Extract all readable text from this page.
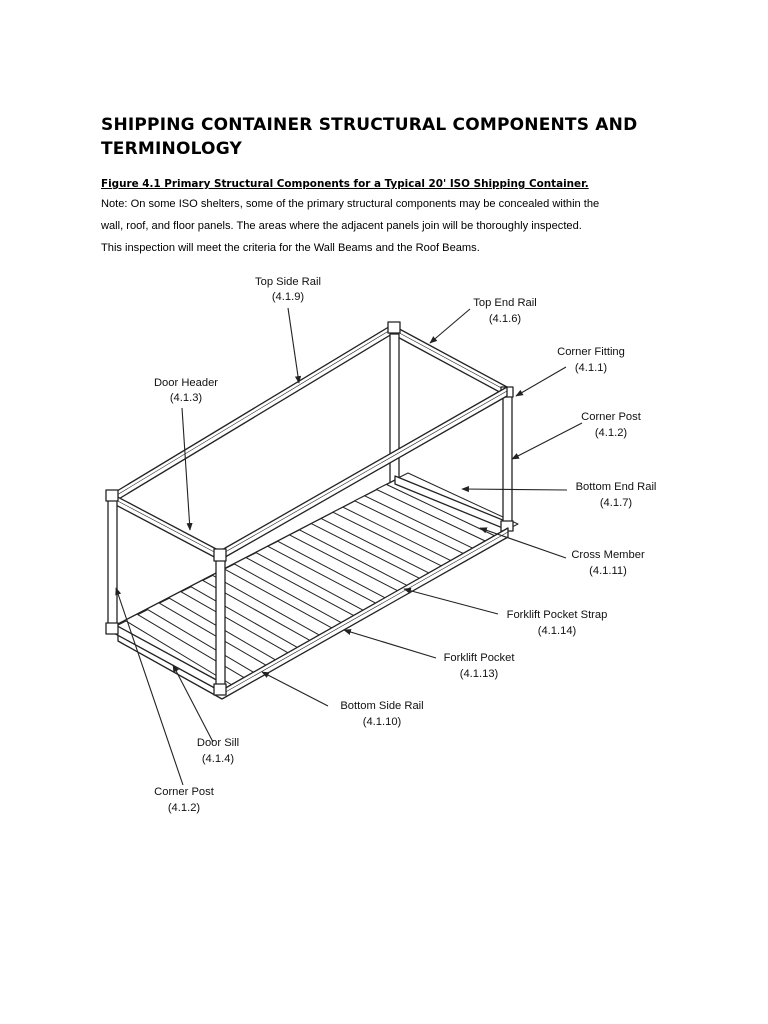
SHIPPING CONTAINER STRUCTURAL COMPONENTS AND
TERMINOLOGY
Figure 4.1 Primary Structural Components for a Typical 20' ISO Shipping Container.
Note: On some ISO shelters, some of the primary structural components may be concealed within the
wall, roof, and floor panels. The areas where the adjacent panels join will be thoroughly inspected.
This inspection will meet the criteria for the Wall Beams and the Roof Beams.
Top Side Rail
(4.1.9)	Top End Rail
(4.1.6)
Corner Fitting
(4.1.1)
Door Header
(4.1.3)
Corner Post
(4.1.2)
Bottom End Rail
(4.1.7)
Cross Member
(4.1.11)
Forklift Pocket Strap
(4.1.14)
Forklift Pocket
(4.1.13)
Bottom Side Rail
(4.1.10)
Door Sill
(4.1.4)
Corner Post
(4.1.2)
